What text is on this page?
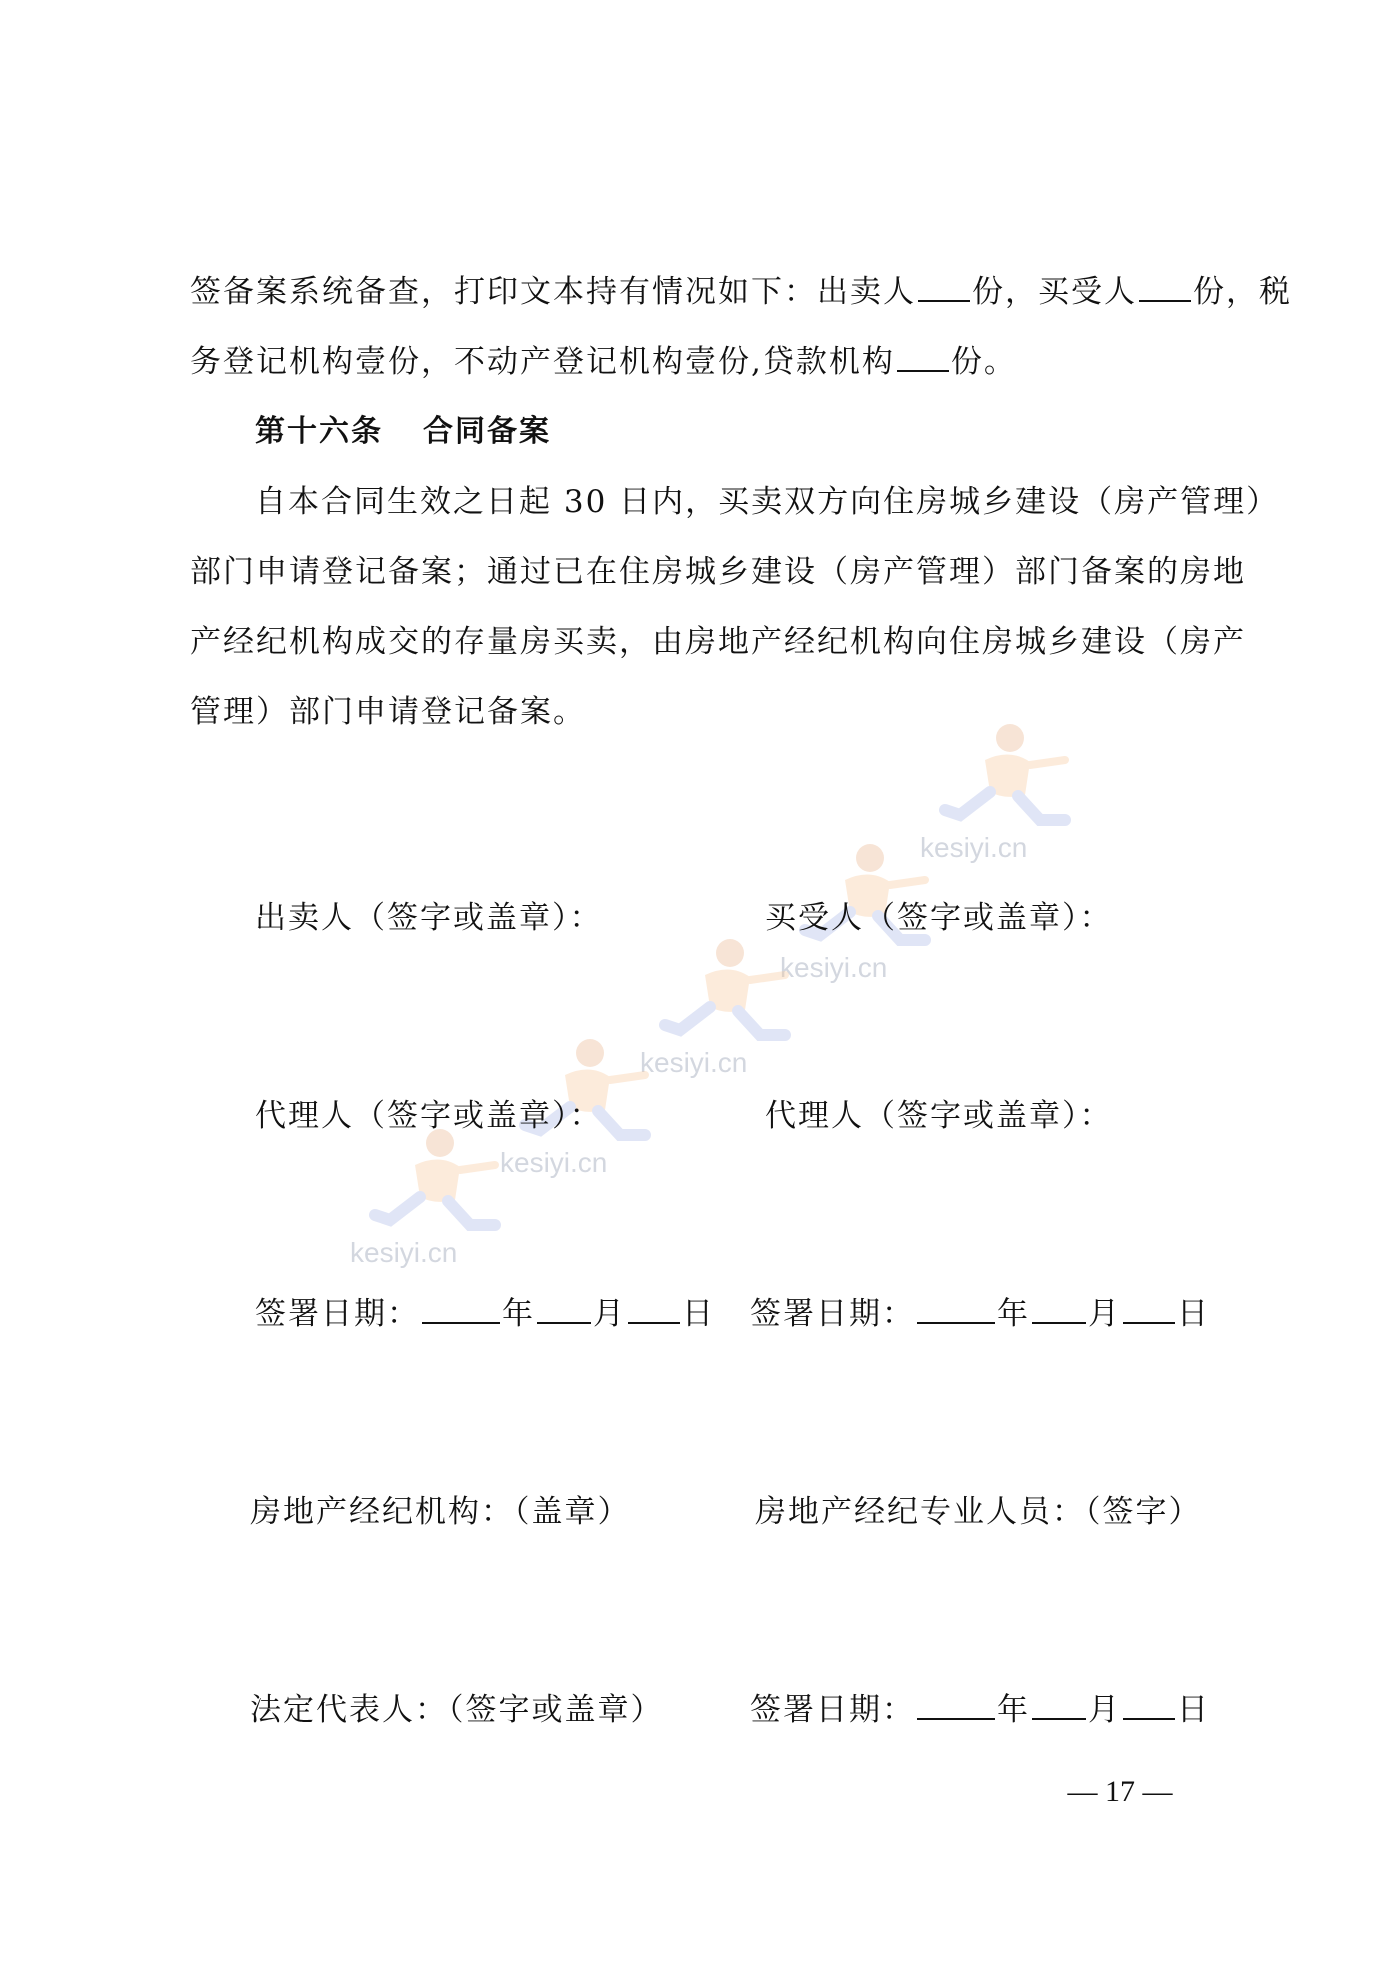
kesiyi.cn
kesiyi.cn
kesiyi.cn
kesiyi.cn
kesiyi.cn
签备案系统备查，打印文本持有情况如下：出卖人 份，买受人 份，税
务登记机构壹份，不动产登记机构壹份,贷款机构 份。
第十六条 合同备案
自本合同生效之日起 30 日内，买卖双方向住房城乡建设（房产管理）
部门申请登记备案；通过已在住房城乡建设（房产管理）部门备案的房地
产经纪机构成交的存量房买卖，由房地产经纪机构向住房城乡建设（房产
管理）部门申请登记备案。
出卖人（签字或盖章）：	买受人（签字或盖章）：
代理人（签字或盖章）：	代理人（签字或盖章）：
签署日期：	年 月 日 签署日期：	年 月 日
房地产经纪机构：（盖章）	房地产经纪专业人员：（签字）
法定代表人：（签字或盖章）	签署日期：	年 月 日
— 17 —
